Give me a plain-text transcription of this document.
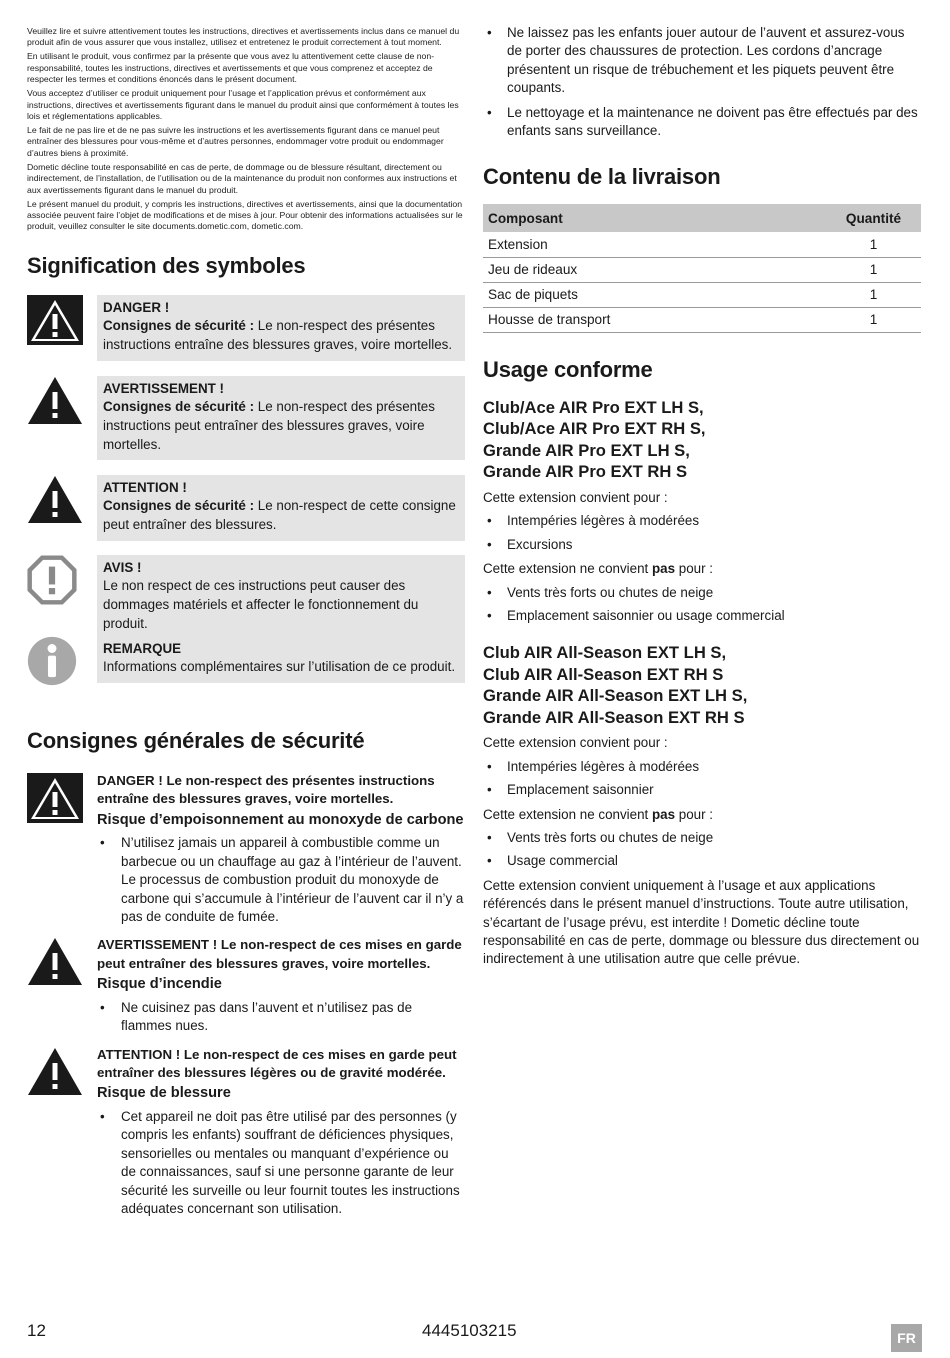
Veuillez lire et suivre attentivement toutes les instructions, directives et avertissements inclus dans ce manuel du produit afin de vous assurer que vous installez, utilisez et entretenez le produit correctement à tout moment.

En utilisant le produit, vous confirmez par la présente que vous avez lu attentivement cette clause de non-responsabilité, toutes les instructions, directives et avertissements et que vous comprenez et acceptez de respecter les termes et conditions énoncés dans le présent document.

Vous acceptez d’utiliser ce produit uniquement pour l’usage et l’application prévus et conformément aux instructions, directives et avertissements figurant dans le manuel du produit ainsi que conformément à toutes les lois et réglementations applicables.

Le fait de ne pas lire et de ne pas suivre les instructions et les avertissements figurant dans ce manuel peut entraîner des blessures pour vous-même et d’autres personnes, endommager votre produit ou endommager d’autres biens à proximité.

Dometic décline toute responsabilité en cas de perte, de dommage ou de blessure résultant, directement ou indirectement, de l’installation, de l’utilisation ou de la maintenance du produit non conformes aux instructions et aux avertissements figurant dans le manuel du produit.

Le présent manuel du produit, y compris les instructions, directives et avertissements, ainsi que la documentation associée peuvent faire l’objet de modifications et de mises à jour. Pour obtenir des informations actualisées sur le produit, veuillez consulter le site documents.dometic.com, dometic.com.

Signification des symboles
DANGER !
Consignes de sécurité : Le non-respect des présentes instructions entraîne des blessures graves, voire mortelles.
AVERTISSEMENT !
Consignes de sécurité : Le non-respect des présentes instructions peut entraîner des blessures graves, voire mortelles.
ATTENTION !
Consignes de sécurité : Le non-respect de cette consigne peut entraîner des blessures.
AVIS !
Le non respect de ces instructions peut causer des dommages matériels et affecter le fonctionnement du produit.
REMARQUE
Informations complémentaires sur l’utilisation de ce produit.
Consignes générales de sécurité
DANGER ! Le non-respect des présentes instructions entraîne des blessures graves, voire mortelles.
Risque d’empoisonnement au monoxyde de carbone
• N’utilisez jamais un appareil à combustible comme un barbecue ou un chauffage au gaz à l’intérieur de l’auvent. Le processus de combustion produit du monoxyde de carbone qui s’accumule à l’intérieur de l’auvent car il n’y a pas de conduite de fumée.
AVERTISSEMENT ! Le non-respect de ces mises en garde peut entraîner des blessures graves, voire mortelles.
Risque d’incendie
• Ne cuisinez pas dans l’auvent et n’utilisez pas de flammes nues.
ATTENTION ! Le non-respect de ces mises en garde peut entraîner des blessures légères ou de gravité modérée.
Risque de blessure
• Cet appareil ne doit pas être utilisé par des personnes (y compris les enfants) souffrant de déficiences physiques, sensorielles ou mentales ou manquant d’expérience ou de connaissances, sauf si une personne garante de leur sécurité les surveille ou leur fournit toutes les instructions adéquates concernant son utilisation.
• Ne laissez pas les enfants jouer autour de l’auvent et assurez-vous de porter des chaussures de protection. Les cordons d’ancrage présentent un risque de trébuchement et les piquets peuvent être coupants.
• Le nettoyage et la maintenance ne doivent pas être effectués par des enfants sans surveillance.
Contenu de la livraison
Composant	Quantité
Extension	1
Jeu de rideaux	1
Sac de piquets	1
Housse de transport	1
Usage conforme
Club/Ace AIR Pro EXT LH S,
Club/Ace AIR Pro EXT RH S,
Grande AIR Pro EXT LH S,
Grande AIR Pro EXT RH S
Cette extension convient pour :
• Intempéries légères à modérées
• Excursions
Cette extension ne convient pas pour :
• Vents très forts ou chutes de neige
• Emplacement saisonnier ou usage commercial
Club AIR All-Season EXT LH S,
Club AIR All-Season EXT RH S
Grande AIR All-Season EXT LH S,
Grande AIR All-Season EXT RH S
Cette extension convient pour :
• Intempéries légères à modérées
• Emplacement saisonnier
Cette extension ne convient pas pour :
• Vents très forts ou chutes de neige
• Usage commercial
Cette extension convient uniquement à l’usage et aux applications référencés dans le présent manuel d’instructions. Toute autre utilisation, s’écartant de l’usage prévu, est interdite ! Dometic décline toute responsabilité en cas de perte, dommage ou blessure dus directement ou indirectement à une utilisation autre que celle prévue.
12	4445103215	FR
